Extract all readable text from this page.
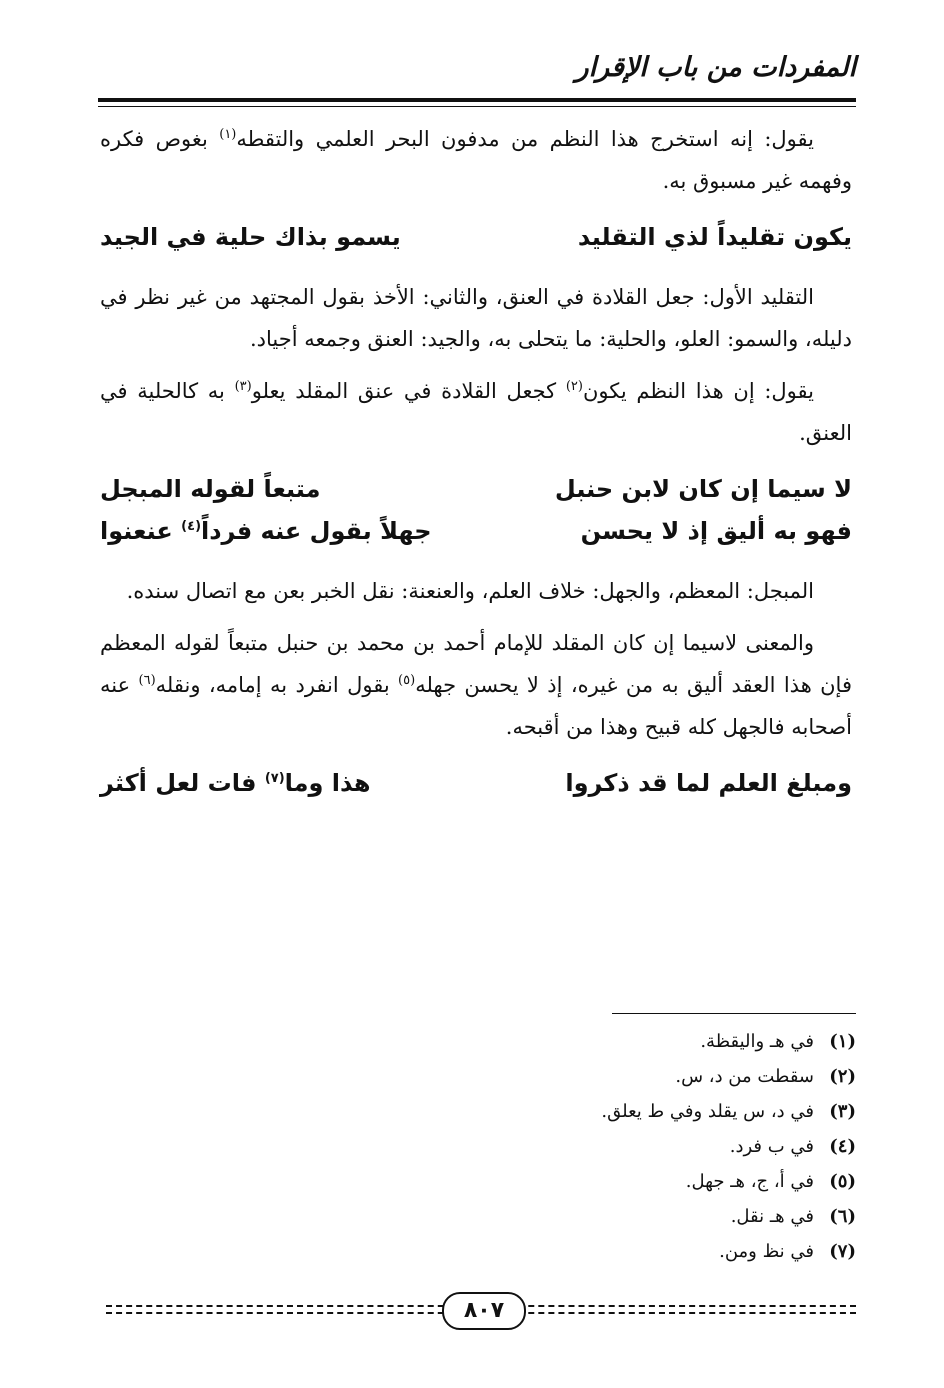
المفردات من باب الإقرار

يقول: إنه استخرج هذا النظم من مدفون البحر العلمي والتقطه$^{(١)}$ بغوص فكره وفهمه غير مسبوق به.

يكون تقليداً لذي التقليد
يسمو بذاك حلية في الجيد

التقليد الأول: جعل القلادة في العنق، والثاني: الأخذ بقول المجتهد من غير نظر في دليله، والسمو: العلو، والحلية: ما يتحلى به، والجيد: العنق وجمعه أجياد.

يقول: إن هذا النظم يكون$^{(٢)}$ كجعل القلادة في عنق المقلد يعلو$^{(٣)}$ به كالحلية في العنق.

لا سيما إن كان لابن حنبل
متبعاً لقوله المبجل
فهو به أليق إذ لا يحسن
جهلاً بقول عنه فرداً$^{(٤)}$ عنعنوا

المبجل: المعظم، والجهل: خلاف العلم، والعنعنة: نقل الخبر بعن مع اتصال سنده.

والمعنى لاسيما إن كان المقلد للإمام أحمد بن محمد بن حنبل متبعاً لقوله المعظم فإن هذا العقد أليق به من غيره، إذ لا يحسن جهله$^{(٥)}$ بقول انفرد به إمامه، ونقله$^{(٦)}$ عنه أصحابه فالجهل كله قبيح وهذا من أقبحه.

ومبلغ العلم لما قد ذكروا
هذا وما$^{(٧)}$ فات لعل أكثر
(١)
في هـ واليقظة.
(٢)
سقطت من د، س.
(٣)
في د، س يقلد وفي ط يعلق.
(٤)
في ب فرد.
(٥)
في أ، ج، هـ جهل.
(٦)
في هـ نقل.
(٧)
في نظ ومن.
٨٠٧
